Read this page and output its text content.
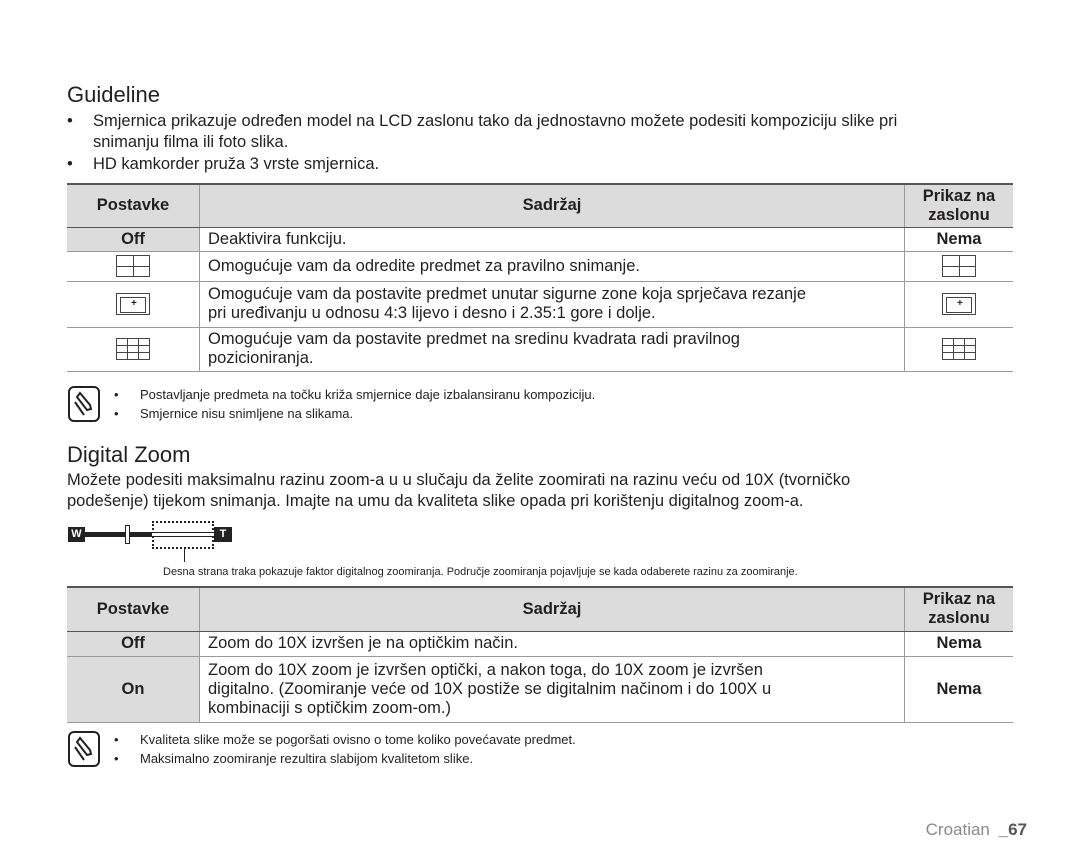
Guideline
• Smjernica prikazuje određen model na LCD zaslonu tako da jednostavno možete podesiti kompoziciju slike pri
snimanju filma ili foto slika.
• HD kamkorder pruža 3 vrste smjernica.
Postavke	Sadržaj	Prikaz na
zaslonu

Off	Deaktivira funkciju.	Nema

	Omogućuje vam da odredite predmet za pravilno snimanje.	

+	Omogućuje vam da postavite predmet unutar sigurne zone koja sprječava rezanje
pri uređivanju u odnosu 4:3 lijevo i desno i 2.35:1 gore i dolje.	+

	Omogućuje vam da postavite predmet na sredinu kvadrata radi pravilnog
pozicioniranja.	

• Postavljanje predmeta na točku križa smjernice daje izbalansiranu kompoziciju.
• Smjernice nisu snimljene na slikama.
Digital Zoom
Možete podesiti maksimalnu razinu zoom-a u u slučaju da želite zoomirati na razinu veću od 10X (tvorničko
podešenje) tijekom snimanja. Imajte na umu da kvaliteta slike opada pri korištenju digitalnog zoom-a.
W	T
Desna strana traka pokazuje faktor digitalnog zoomiranja. Područje zoomiranja pojavljuje se kada odaberete razinu za zoomiranje.
Postavke	Sadržaj	Prikaz na
zaslonu

Off	Zoom do 10X izvršen je na optičkim način.	Nema
On	Zoom do 10X zoom je izvršen optički, a nakon toga, do 10X zoom je izvršen
digitalno. (Zoomiranje veće od 10X postiže se digitalnim načinom i do 100X u
kombinaciji s optičkim zoom-om.)	Nema
• Kvaliteta slike može se pogoršati ovisno o tome koliko povećavate predmet.
• Maksimalno zoomiranje rezultira slabijom kvalitetom slike.
Croatian _67
